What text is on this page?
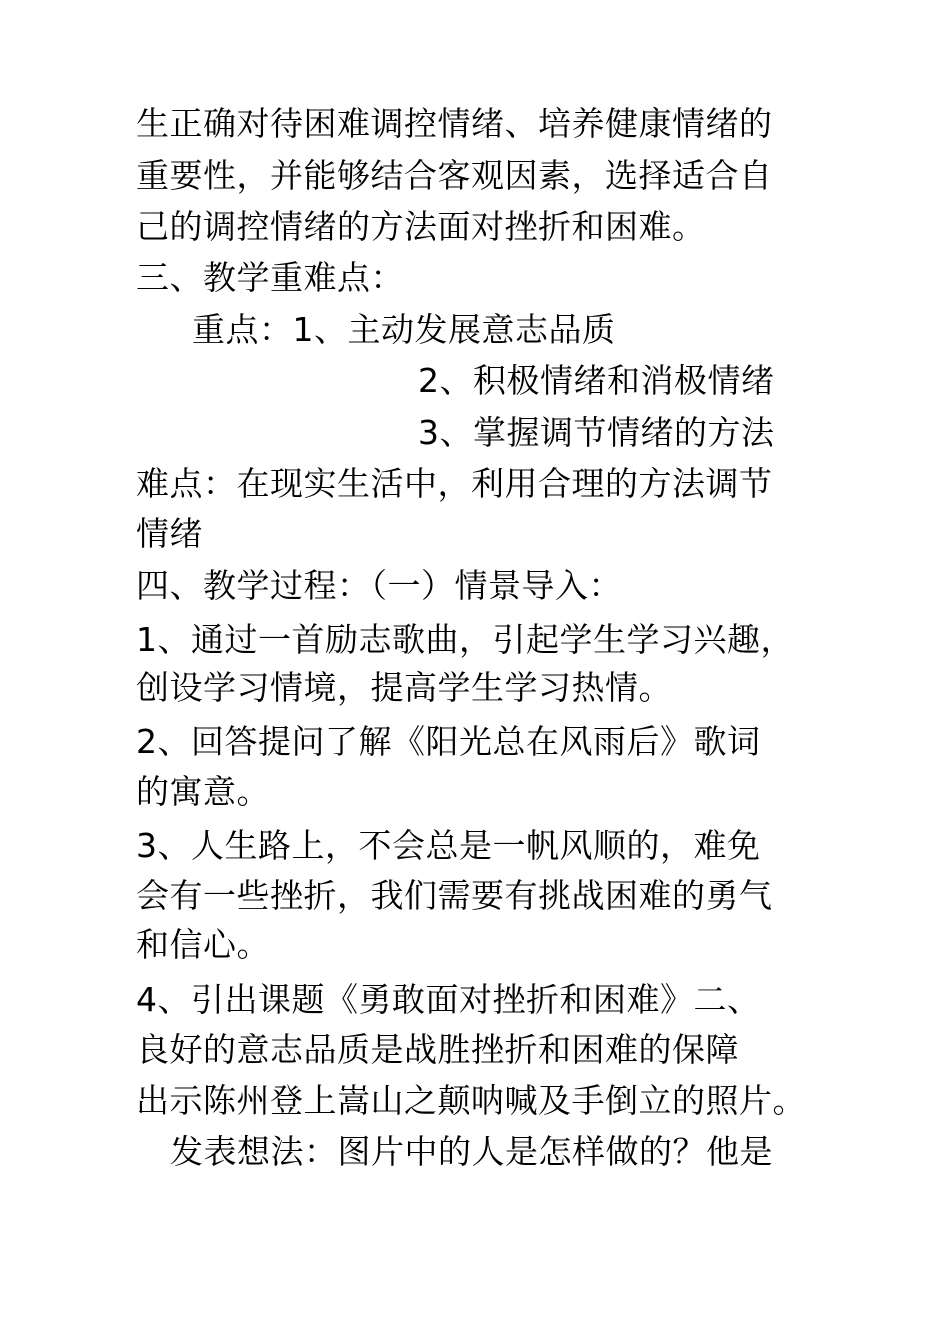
生正确对待困难调控情绪、培养健康情绪的
重要性，并能够结合客观因素，选择适合自
己的调控情绪的方法面对挫折和困难。
三、教学重难点：
重点：1、主动发展意志品质
2、积极情绪和消极情绪
3、掌握调节情绪的方法
难点：在现实生活中，利用合理的方法调节
情绪
四、教学过程：（一）情景导入：
1、通过一首励志歌曲，引起学生学习兴趣，
创设学习情境，提高学生学习热情。
2、回答提问了解《阳光总在风雨后》歌词
的寓意。
3、人生路上，不会总是一帆风顺的，难免
会有一些挫折，我们需要有挑战困难的勇气
和信心。
4、引出课题《勇敢面对挫折和困难》二、
良好的意志品质是战胜挫折和困难的保障
出示陈州登上嵩山之颠呐喊及手倒立的照片。
发表想法：图片中的人是怎样做的？他是
